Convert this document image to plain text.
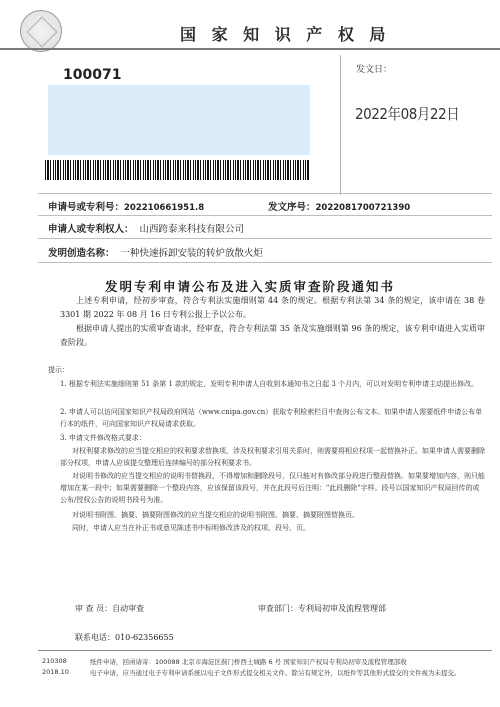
国 家 知 识 产 权 局
100071	发文日：
2022年08月22日
申请号或专利号：202210661951.8	发文序号：2022081700721390
申请人或专利权人： 山西跨泰来科技有限公司
发明创造名称： 一种快速拆卸安装的转炉放散火炬
发明专利申请公布及进入实质审查阶段通知书
上述专利申请，经初步审查，符合专利法实施细则第 44 条的规定。根据专利法第 34 条的规定，该申请在 38 卷 3301 期 2022 年 08 月 16 日专利公报上予以公布。
根据申请人提出的实质审查请求，经审查，符合专利法第 35 条及实施细则第 96 条的规定，该专利申请进入实质审查阶段。
提示：
1. 根据专利法实施细则第 51 条第 1 款的规定，发明专利申请人自收到本通知书之日起 3 个月内，可以对发明专利申请主动提出修改。
2. 申请人可以访问国家知识产权局政府网站（www.cnipa.gov.cn）获取专利检索栏目中查询公布文本。如果申请人需要纸件申请公布单行本的纸件，可向国家知识产权局请求获取。
3. 申请文件修改格式要求：
对权利要求修改的应当提交相应的权利要求替换项，涉及权利要求引用关系时，则需要将相应权项一起替换补正。如果申请人需要删除部分权项，申请人应该提交整理后连续编号的部分权利要求书。
对说明书修改的应当提交相应的说明书替换段，不得增加和删除段号，仅只能对有修改部分段进行整段替换。如果要增加内容，则只能增加在某一段中；如果需要删除一个整段内容，应该保留该段号，并在此段号后注明："此段删除"字样。段号以国家知识产权局回传的或公布/授权公告的说明书段号为准。
对说明书附图、摘要、摘要附图修改的应当提交相应的说明书附图、摘要、摘要附图替换页。
同时，申请人应当在补正书或意见陈述书中标明修改涉及的权项、段号、页。
审 查 员：自动审查	审查部门：专利局初审及流程管理部
联系电话：010-62356655
210308
2018.10
纸件申请，回函请寄：100088 北京市海淀区蓟门桥西土城路 6 号 国家知识产权局专利局初审及流程管理部收
电子申请，应当通过电子专利申请系统以电子文件形式提交相关文件。除另有规定外，以纸件等其他形式提交的文件视为未提交。
